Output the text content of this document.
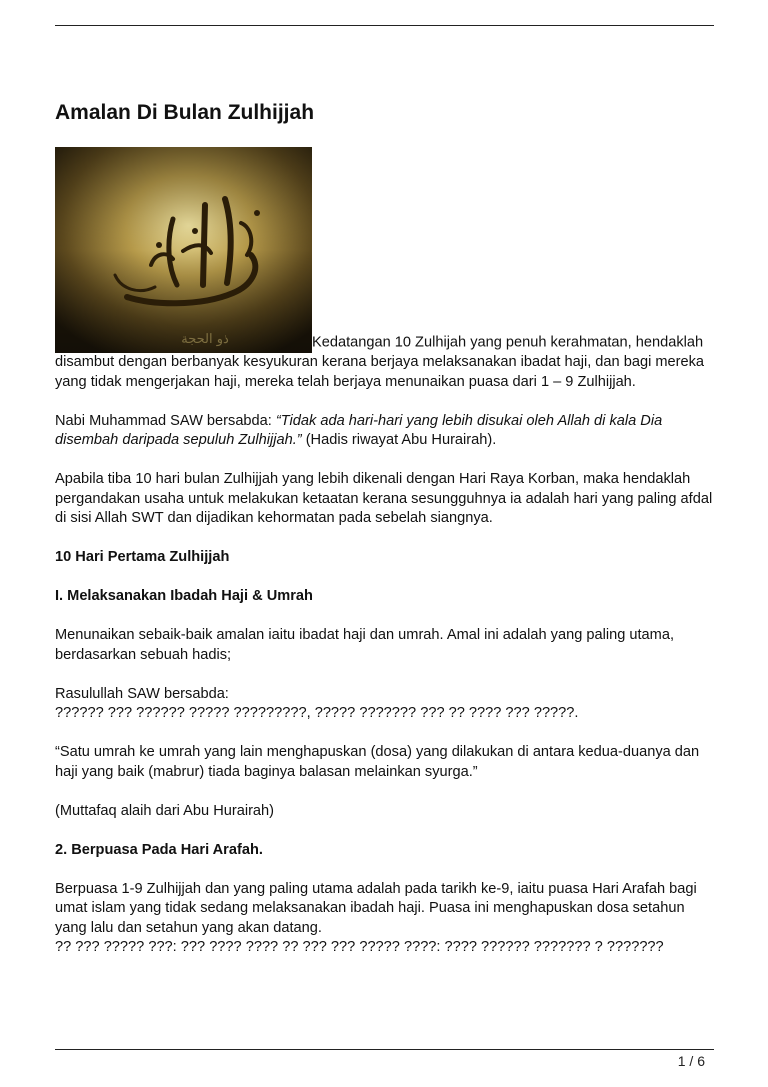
Amalan Di Bulan Zulhijjah

ذو الحجة	Kedatangan 10 Zulhijah yang penuh kerahmatan, hendaklah disambut dengan berbanyak kesyukuran kerana berjaya melaksanakan ibadat haji, dan bagi mereka yang tidak mengerjakan haji, mereka telah berjaya menunaikan puasa dari 1 – 9 Zulhijjah.

Nabi Muhammad SAW bersabda: “Tidak ada hari-hari yang lebih disukai oleh Allah di kala Dia disembah daripada sepuluh Zulhijjah.” (Hadis riwayat Abu Hurairah).

Apabila tiba 10 hari bulan Zulhijjah yang lebih dikenali dengan Hari Raya Korban, maka hendaklah pergandakan usaha untuk melakukan ketaatan kerana sesungguhnya ia adalah hari yang paling afdal di sisi Allah SWT dan dijadikan kehormatan pada sebelah siangnya.

10 Hari Pertama Zulhijjah

I. Melaksanakan Ibadah Haji & Umrah

Menunaikan sebaik-baik amalan iaitu ibadat haji dan umrah. Amal ini adalah yang paling utama, berdasarkan sebuah hadis;

Rasulullah SAW bersabda:
?????? ??? ?????? ????? ?????????, ????? ??????? ??? ?? ???? ??? ?????.

“Satu umrah ke umrah yang lain menghapuskan (dosa) yang dilakukan di antara kedua-duanya dan haji yang baik (mabrur) tiada baginya balasan melainkan syurga.”

(Muttafaq alaih dari Abu Hurairah)

2. Berpuasa Pada Hari Arafah.

Berpuasa 1-9 Zulhijjah dan yang paling utama adalah pada tarikh ke-9, iaitu puasa Hari Arafah bagi umat islam yang tidak sedang melaksanakan ibadah haji. Puasa ini menghapuskan dosa setahun yang lalu dan setahun yang akan datang.
?? ??? ????? ???: ??? ???? ???? ?? ??? ??? ????? ????: ???? ?????? ??????? ? ???????

1 / 6
